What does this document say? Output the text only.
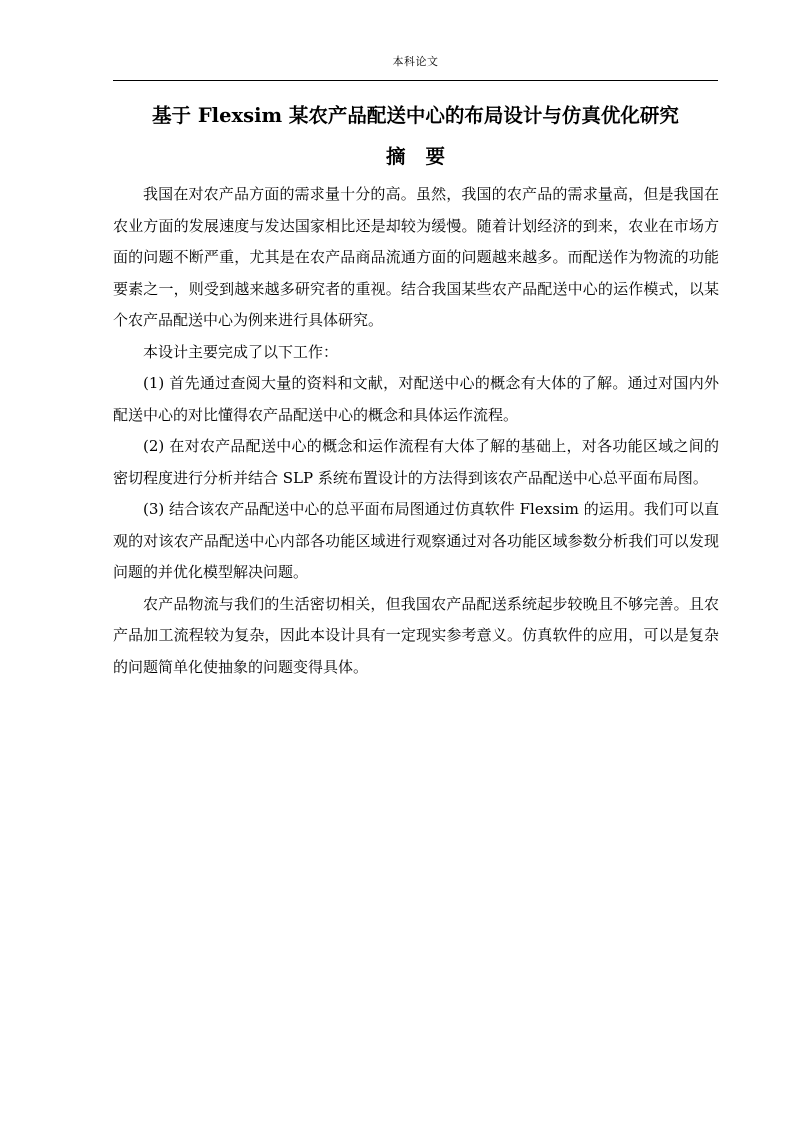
本科论文
基于 Flexsim 某农产品配送中心的布局设计与仿真优化研究
摘 要

我国在对农产品方面的需求量十分的高。虽然，我国的农产品的需求量高，但是我国在农业方面的发展速度与发达国家相比还是却较为缓慢。随着计划经济的到来，农业在市场方面的问题不断严重，尤其是在农产品商品流通方面的问题越来越多。而配送作为物流的功能要素之一，则受到越来越多研究者的重视。结合我国某些农产品配送中心的运作模式，以某个农产品配送中心为例来进行具体研究。

本设计主要完成了以下工作：

(1) 首先通过查阅大量的资料和文献，对配送中心的概念有大体的了解。通过对国内外配送中心的对比懂得农产品配送中心的概念和具体运作流程。

(2) 在对农产品配送中心的概念和运作流程有大体了解的基础上，对各功能区域之间的密切程度进行分析并结合 SLP 系统布置设计的方法得到该农产品配送中心总平面布局图。

(3) 结合该农产品配送中心的总平面布局图通过仿真软件 Flexsim 的运用。我们可以直观的对该农产品配送中心内部各功能区域进行观察通过对各功能区域参数分析我们可以发现问题的并优化模型解决问题。

农产品物流与我们的生活密切相关，但我国农产品配送系统起步较晚且不够完善。且农产品加工流程较为复杂，因此本设计具有一定现实参考意义。仿真软件的应用，可以是复杂的问题简单化使抽象的问题变得具体。
